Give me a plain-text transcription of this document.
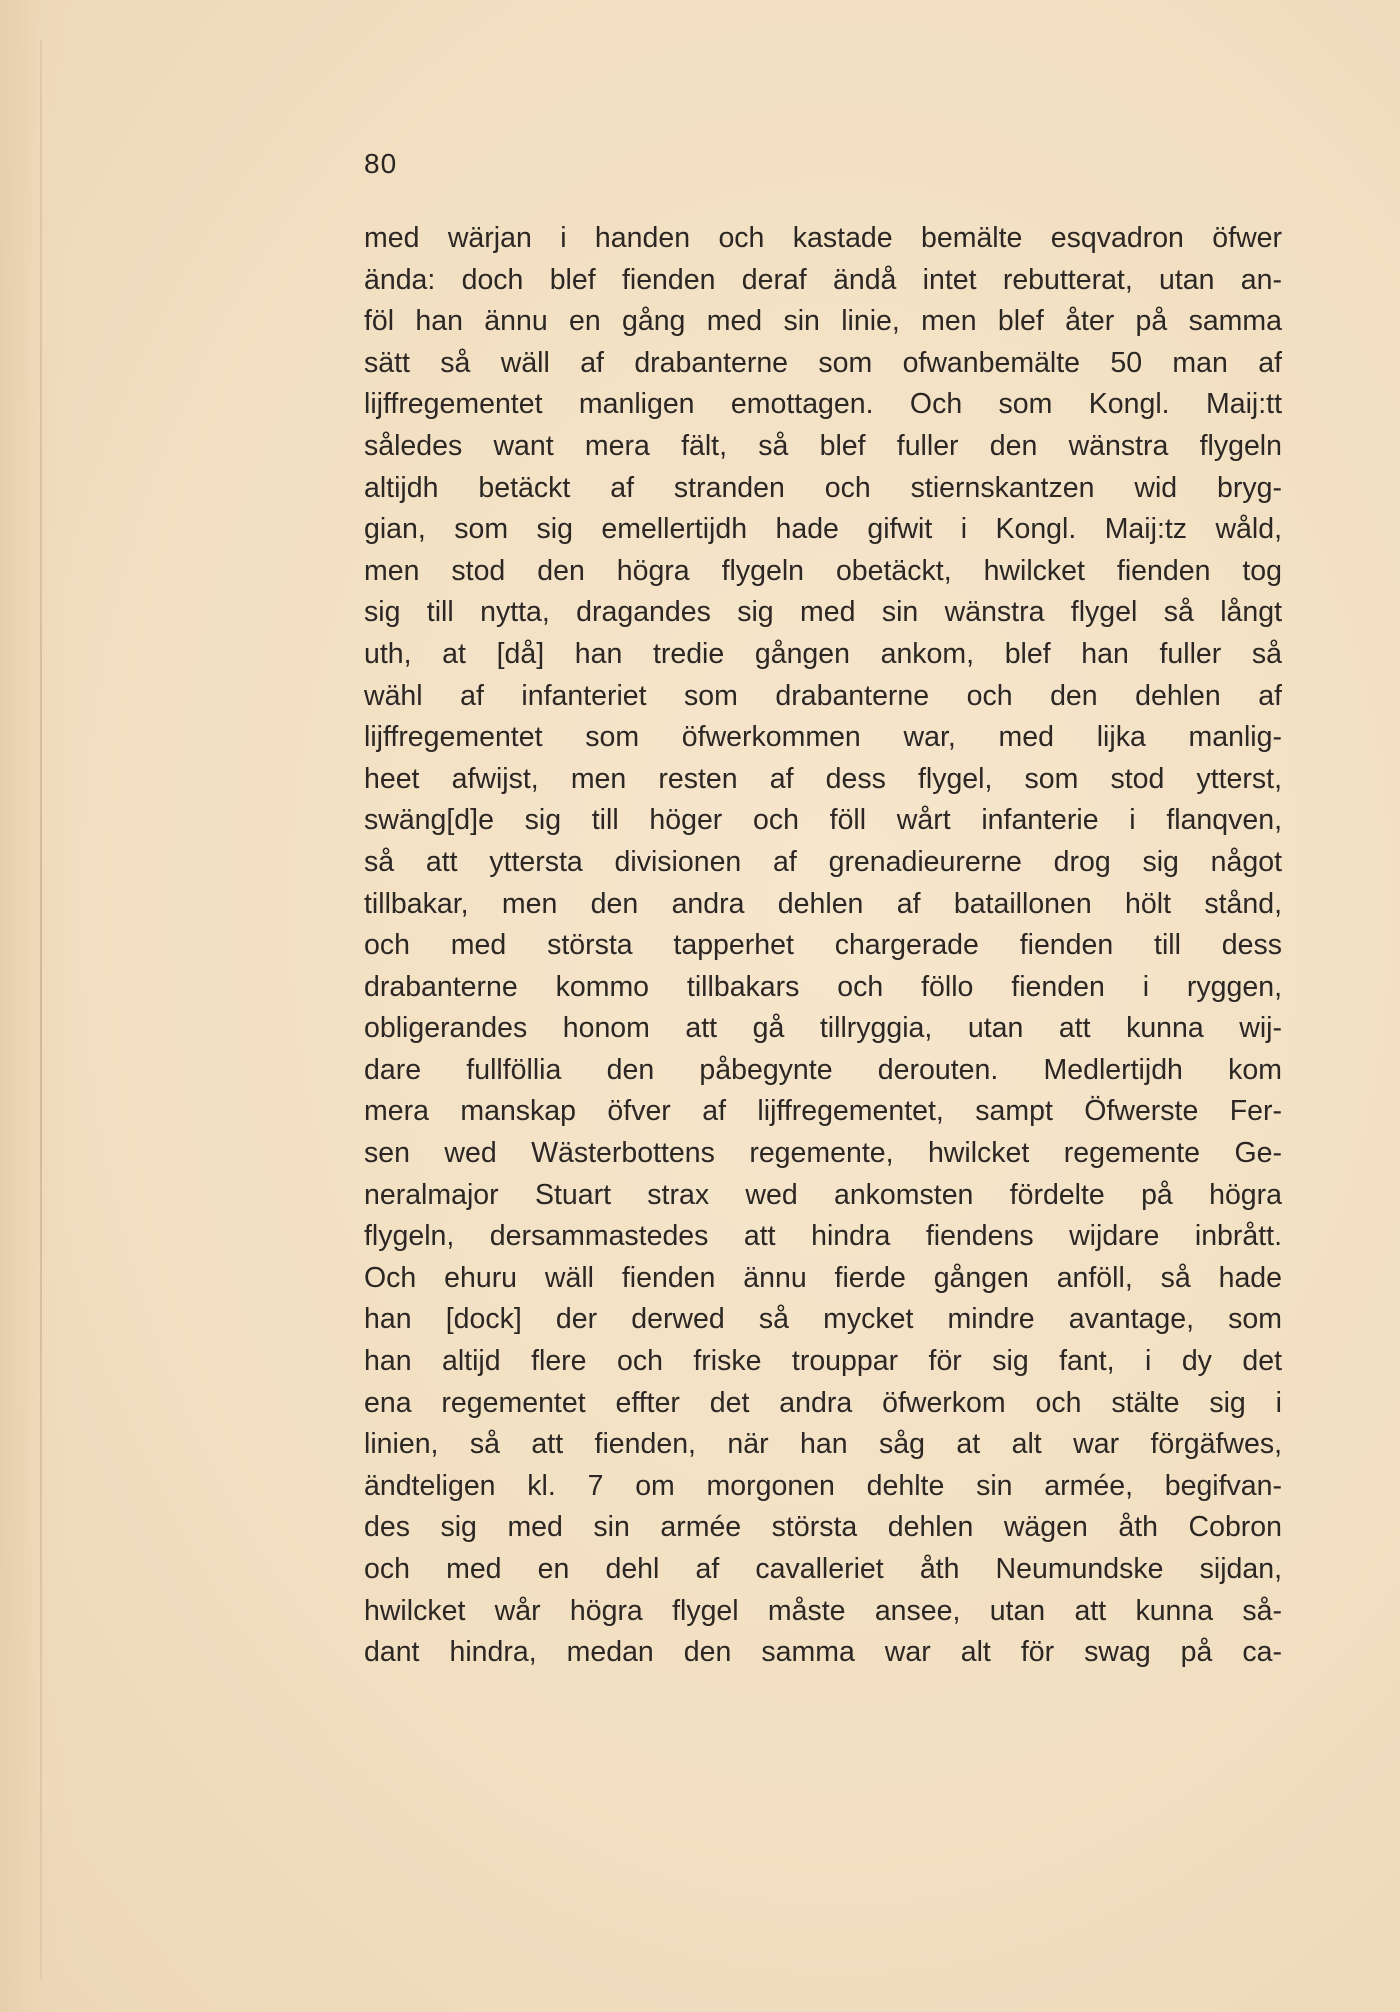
80
med wärjan i handen och kastade bemälte esqvadron öfwer
ända: doch blef fienden deraf ändå intet rebutterat, utan an-
föl han ännu en gång med sin linie, men blef åter på samma
sätt så wäll af drabanterne som ofwanbemälte 50 man af
lijffregementet manligen emottagen. Och som Kongl. Maij:tt
således want mera fält, så blef fuller den wänstra flygeln
altijdh betäckt af stranden och stiernskantzen wid bryg-
gian, som sig emellertijdh hade gifwit i Kongl. Maij:tz wåld,
men stod den högra flygeln obetäckt, hwilcket fienden tog
sig till nytta, dragandes sig med sin wänstra flygel så långt
uth, at [då] han tredie gången ankom, blef han fuller så
wähl af infanteriet som drabanterne och den dehlen af
lijffregementet som öfwerkommen war, med lijka manlig-
heet afwijst, men resten af dess flygel, som stod ytterst,
swäng[d]e sig till höger och föll wårt infanterie i flanqven,
så att yttersta divisionen af grenadieurerne drog sig något
tillbakar, men den andra dehlen af bataillonen hölt stånd,
och med största tapperhet chargerade fienden till dess
drabanterne kommo tillbakars och föllo fienden i ryggen,
obligerandes honom att gå tillryggia, utan att kunna wij-
dare fullföllia den påbegynte derouten. Medlertijdh kom
mera manskap öfver af lijffregementet, sampt Öfwerste Fer-
sen wed Wästerbottens regemente, hwilcket regemente Ge-
neralmajor Stuart strax wed ankomsten fördelte på högra
flygeln, dersammastedes att hindra fiendens wijdare inbrått.
Och ehuru wäll fienden ännu fierde gången anföll, så hade
han [dock] der derwed så mycket mindre avantage, som
han altijd flere och friske trouppar för sig fant, i dy det
ena regementet effter det andra öfwerkom och stälte sig i
linien, så att fienden, när han såg at alt war förgäfwes,
ändteligen kl. 7 om morgonen dehlte sin armée, begifvan-
des sig med sin armée största dehlen wägen åth Cobron
och med en dehl af cavalleriet åth Neumundske sijdan,
hwilcket wår högra flygel måste ansee, utan att kunna så-
dant hindra, medan den samma war alt för swag på ca-
